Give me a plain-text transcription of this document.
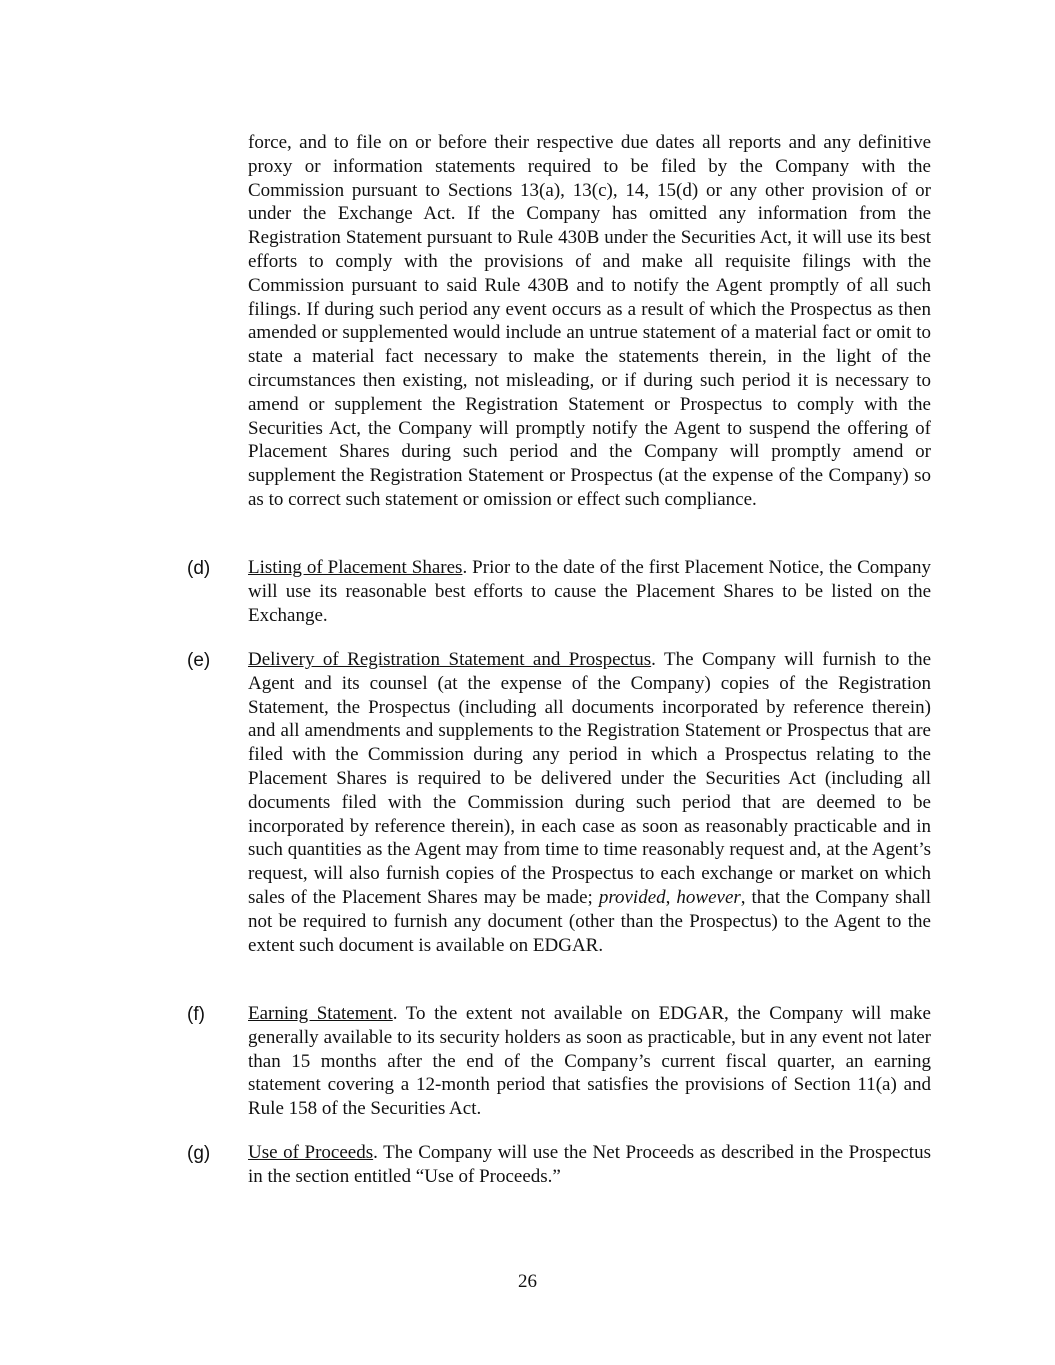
force, and to file on or before their respective due dates all reports and any definitive proxy or information statements required to be filed by the Company with the Commission pursuant to Sections 13(a), 13(c), 14, 15(d) or any other provision of or under the Exchange Act. If the Company has omitted any information from the Registration Statement pursuant to Rule 430B under the Securities Act, it will use its best efforts to comply with the provisions of and make all requisite filings with the Commission pursuant to said Rule 430B and to notify the Agent promptly of all such filings. If during such period any event occurs as a result of which the Prospectus as then amended or supplemented would include an untrue statement of a material fact or omit to state a material fact necessary to make the statements therein, in the light of the circumstances then existing, not misleading, or if during such period it is necessary to amend or supplement the Registration Statement or Prospectus to comply with the Securities Act, the Company will promptly notify the Agent to suspend the offering of Placement Shares during such period and the Company will promptly amend or supplement the Registration Statement or Prospectus (at the expense of the Company) so as to correct such statement or omission or effect such compliance.

(d) Listing of Placement Shares. Prior to the date of the first Placement Notice, the Company will use its reasonable best efforts to cause the Placement Shares to be listed on the Exchange.

(e) Delivery of Registration Statement and Prospectus. The Company will furnish to the Agent and its counsel (at the expense of the Company) copies of the Registration Statement, the Prospectus (including all documents incorporated by reference therein) and all amendments and supplements to the Registration Statement or Prospectus that are filed with the Commission during any period in which a Prospectus relating to the Placement Shares is required to be delivered under the Securities Act (including all documents filed with the Commission during such period that are deemed to be incorporated by reference therein), in each case as soon as reasonably practicable and in such quantities as the Agent may from time to time reasonably request and, at the Agent’s request, will also furnish copies of the Prospectus to each exchange or market on which sales of the Placement Shares may be made; provided, however, that the Company shall not be required to furnish any document (other than the Prospectus) to the Agent to the extent such document is available on EDGAR.

(f) Earning Statement. To the extent not available on EDGAR, the Company will make generally available to its security holders as soon as practicable, but in any event not later than 15 months after the end of the Company’s current fiscal quarter, an earning statement covering a 12-month period that satisfies the provisions of Section 11(a) and Rule 158 of the Securities Act.

(g) Use of Proceeds. The Company will use the Net Proceeds as described in the Prospectus in the section entitled “Use of Proceeds.”

26
